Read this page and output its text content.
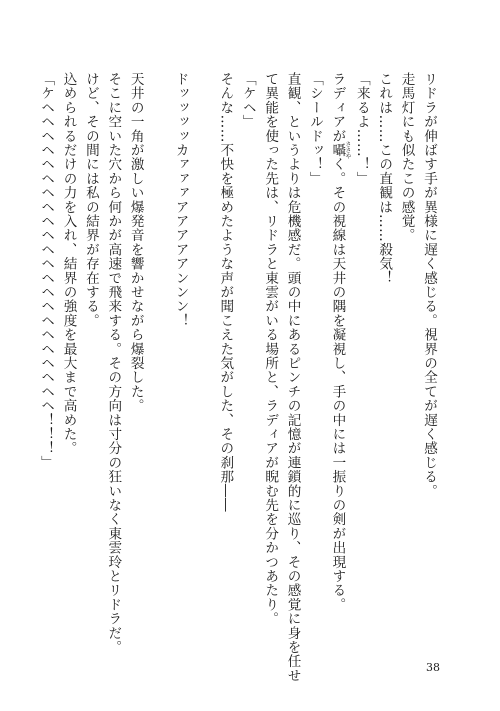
リドラが伸ばす手が異様に遅く感じる。視界の全てが遅く感じる。
走馬灯にも似たこの感覚。
これは……この直観は……殺気！
「来るよ……！」
ラディアが囁ささやく。その視線は天井の隅を凝視し、手の中には一振りの剣が出現する。
「シールドッ！」
直観、というよりは危機感だ。頭の中にあるピンチの記憶が連鎖的に巡り、その感覚に身を任せ
て異能を使った先は、リドラと東雲がいる場所と、ラディアが睨む先を分かつあたり。
「ケヘ」
そんな……不快を極めたような声が聞こえた気がした、その刹那――
ドッッッッカァァァアアアアアンンン！
天井の一角が激しい爆発音を響かせながら爆裂した。
そこに空いた穴から何かが高速で飛来する。その方向は寸分の狂いなく東雲玲とリドラだ。
けど、その間には私の結界が存在する。
込められるだけの力を入れ、結界の強度を最大まで高めた。
「ケヘヘヘヘヘヘヘヘヘヘヘヘヘヘヘヘヘヘヘヘヘヘ！！！」
38
